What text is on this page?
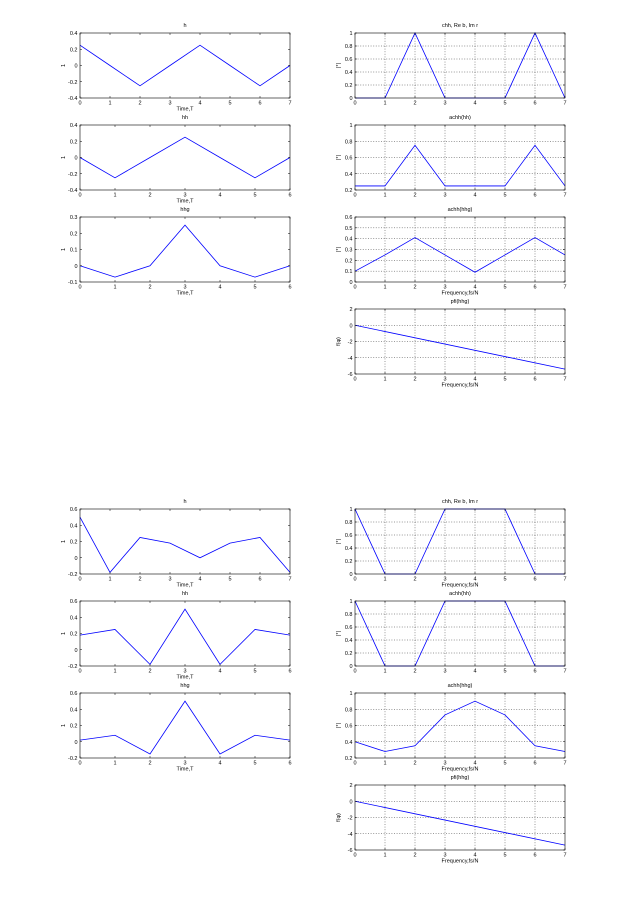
0	1	2	3	4	5	6	7
-0.4
-0.2
0
0.2
0.4
h
Time,T
1
0	1	2	3	4	5	6	7
0
0.2
0.4
0.6
0.8
1
chh, Re b, Im r
|*|
0	1	2	3	4	5	6
-0.4
-0.2
0
0.2
0.4
hh
Time,T
1
0	1	2	3	4	5	6	7
0.2
0.4
0.6
0.8
1
achh(hh)
|*|
0	1	2	3	4	5	6
-0.1
0
0.1
0.2
0.3
hhg
Time,T
1
0	1	2	3	4	5	6	7
0
0.1
0.2
0.3
0.4
0.5
0.6
achh(hhg)
Frequency,fs/N
|*|
0	1	2	3	4	5	6	7
-6
-4
-2
0
2
pfi(hhg)
Frequency,fs/N
f(φ)
0	1	2	3	4	5	6	7
-0.2
0
0.2
0.4
0.6
h
Time,T
1
0	1	2	3	4	5	6	7
0
0.2
0.4
0.6
0.8
1
chh, Re b, Im r
Frequency,fs/N
|*|
0	1	2	3	4	5	6
-0.2
0
0.2
0.4
0.6
hh
Time,T
1
0	1	2	3	4	5	6	7
0
0.2
0.4
0.6
0.8
1
achh(hh)
|*|
0	1	2	3	4	5	6
-0.2
0
0.2
0.4
0.6
hhg
Time,T
1
0	1	2	3	4	5	6	7
0.2
0.4
0.6
0.8
1
achh(hhg)
Frequency,fs/N
|*|
0	1	2	3	4	5	6	7
-6
-4
-2
0
2
pfi(hhg)
Frequency,fs/N
f(φ)
